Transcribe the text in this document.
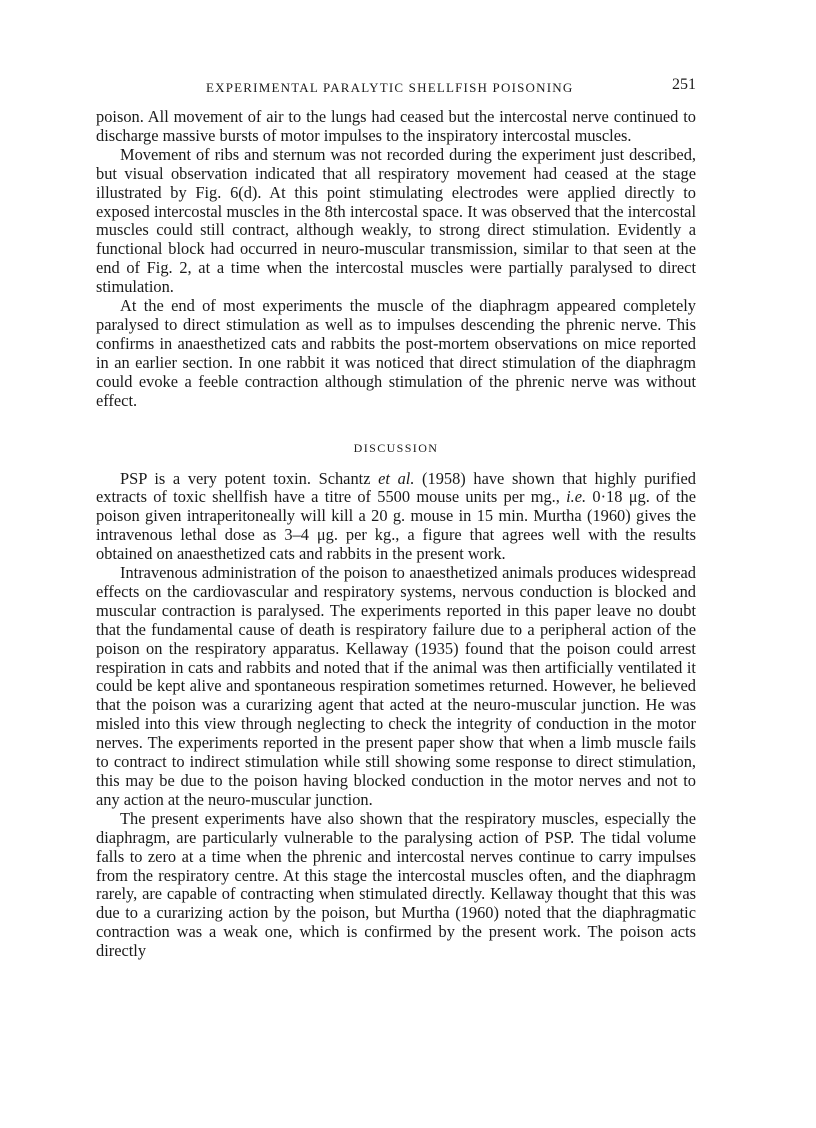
EXPERIMENTAL PARALYTIC SHELLFISH POISONING	251

poison. All movement of air to the lungs had ceased but the intercostal nerve continued to discharge massive bursts of motor impulses to the inspiratory intercostal muscles.

Movement of ribs and sternum was not recorded during the experiment just described, but visual observation indicated that all respiratory movement had ceased at the stage illustrated by Fig. 6(d). At this point stimulating electrodes were applied directly to exposed intercostal muscles in the 8th intercostal space. It was observed that the intercostal muscles could still contract, although weakly, to strong direct stimulation. Evidently a functional block had occurred in neuro-muscular transmission, similar to that seen at the end of Fig. 2, at a time when the intercostal muscles were partially paralysed to direct stimulation.

At the end of most experiments the muscle of the diaphragm appeared completely paralysed to direct stimulation as well as to impulses descending the phrenic nerve. This confirms in anaesthetized cats and rabbits the post-mortem observations on mice reported in an earlier section. In one rabbit it was noticed that direct stimulation of the diaphragm could evoke a feeble contraction although stimulation of the phrenic nerve was without effect.

DISCUSSION

PSP is a very potent toxin. Schantz et al. (1958) have shown that highly purified extracts of toxic shellfish have a titre of 5500 mouse units per mg., i.e. 0·18 μg. of the poison given intraperitoneally will kill a 20 g. mouse in 15 min. Murtha (1960) gives the intravenous lethal dose as 3–4 μg. per kg., a figure that agrees well with the results obtained on anaesthetized cats and rabbits in the present work.

Intravenous administration of the poison to anaesthetized animals produces widespread effects on the cardiovascular and respiratory systems, nervous conduction is blocked and muscular contraction is paralysed. The experiments reported in this paper leave no doubt that the fundamental cause of death is respiratory failure due to a peripheral action of the poison on the respiratory apparatus. Kellaway (1935) found that the poison could arrest respiration in cats and rabbits and noted that if the animal was then artificially ventilated it could be kept alive and spontaneous respiration sometimes returned. However, he believed that the poison was a curarizing agent that acted at the neuro-muscular junction. He was misled into this view through neglecting to check the integrity of conduction in the motor nerves. The experiments reported in the present paper show that when a limb muscle fails to contract to indirect stimulation while still showing some response to direct stimulation, this may be due to the poison having blocked conduction in the motor nerves and not to any action at the neuro-muscular junction.

The present experiments have also shown that the respiratory muscles, especially the diaphragm, are particularly vulnerable to the paralysing action of PSP. The tidal volume falls to zero at a time when the phrenic and intercostal nerves continue to carry impulses from the respiratory centre. At this stage the intercostal muscles often, and the diaphragm rarely, are capable of contracting when stimulated directly. Kellaway thought that this was due to a curarizing action by the poison, but Murtha (1960) noted that the diaphragmatic contraction was a weak one, which is confirmed by the present work. The poison acts directly
